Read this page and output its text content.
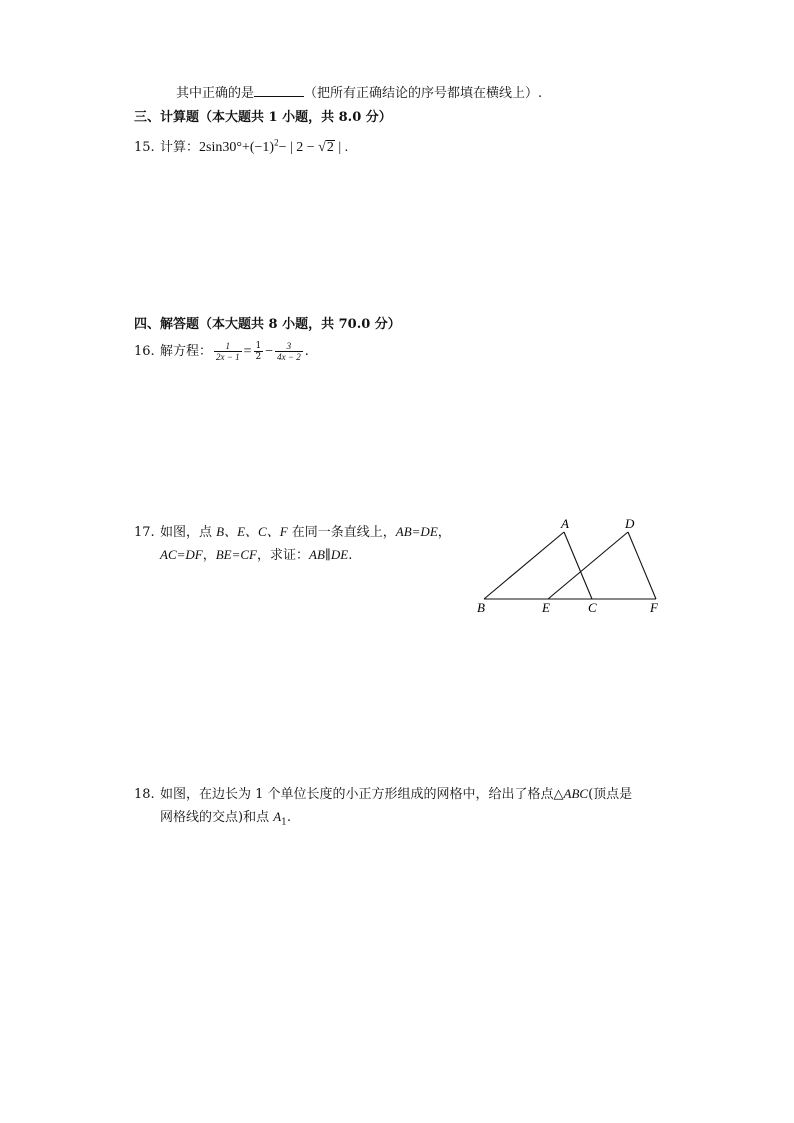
其中正确的是	（把所有正确结论的序号都填在横线上）.
三、计算题（本大题共 1 小题，共 8.0 分）
15. 计算：$2\sin 30^\circ+(-1)^2-$ | 2 − √2 | .
四、解答题（本大题共 8 小题，共 70.0 分）
16. 解方程： $\frac{1}{2x - 1} = \frac{1}{2} - \frac{3}{4x - 2}$ .
17. 如图，点 B、E、C、F 在同一条直线上，AB=DE，
AC=DF，BE=CF，求证：AB∥DE.
A	D
B	E	C	F
18. 如图，在边长为 1 个单位长度的小正方形组成的网格中，给出了格点△ABC(顶点是
网格线的交点)和点 $A_1$.
